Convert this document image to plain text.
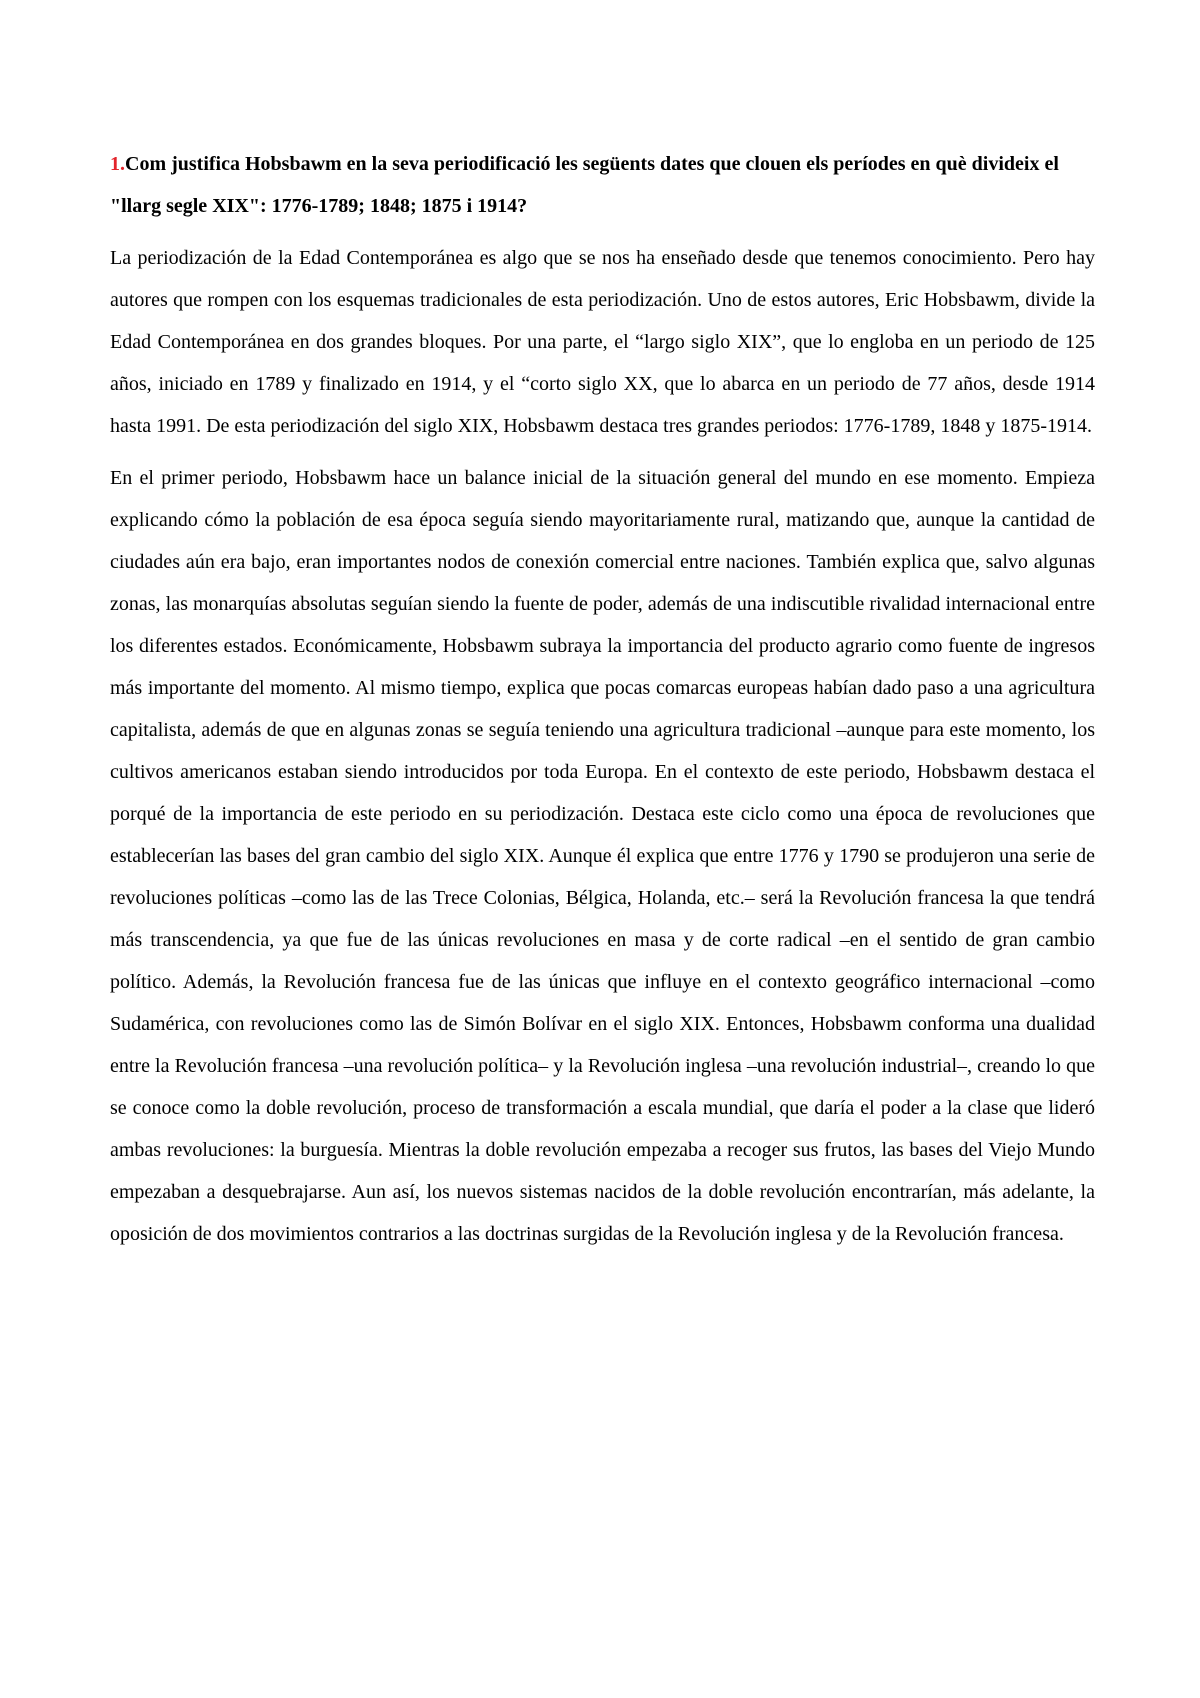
1.Com justifica Hobsbawm en la seva periodificació les següents dates que clouen els períodes en què divideix el "llarg segle XIX": 1776-1789; 1848; 1875 i 1914?

La periodización de la Edad Contemporánea es algo que se nos ha enseñado desde que tenemos conocimiento. Pero hay autores que rompen con los esquemas tradicionales de esta periodización. Uno de estos autores, Eric Hobsbawm, divide la Edad Contemporánea en dos grandes bloques. Por una parte, el “largo siglo XIX”, que lo engloba en un periodo de 125 años, iniciado en 1789 y finalizado en 1914, y el “corto siglo XX, que lo abarca en un periodo de 77 años, desde 1914 hasta 1991. De esta periodización del siglo XIX, Hobsbawm destaca tres grandes periodos: 1776-1789, 1848 y 1875-1914.

En el primer periodo, Hobsbawm hace un balance inicial de la situación general del mundo en ese momento. Empieza explicando cómo la población de esa época seguía siendo mayoritariamente rural, matizando que, aunque la cantidad de ciudades aún era bajo, eran importantes nodos de conexión comercial entre naciones. También explica que, salvo algunas zonas, las monarquías absolutas seguían siendo la fuente de poder, además de una indiscutible rivalidad internacional entre los diferentes estados. Económicamente, Hobsbawm subraya la importancia del producto agrario como fuente de ingresos más importante del momento. Al mismo tiempo, explica que pocas comarcas europeas habían dado paso a una agricultura capitalista, además de que en algunas zonas se seguía teniendo una agricultura tradicional –aunque para este momento, los cultivos americanos estaban siendo introducidos por toda Europa. En el contexto de este periodo, Hobsbawm destaca el porqué de la importancia de este periodo en su periodización. Destaca este ciclo como una época de revoluciones que establecerían las bases del gran cambio del siglo XIX. Aunque él explica que entre 1776 y 1790 se produjeron una serie de revoluciones políticas –como las de las Trece Colonias, Bélgica, Holanda, etc.– será la Revolución francesa la que tendrá más transcendencia, ya que fue de las únicas revoluciones en masa y de corte radical –en el sentido de gran cambio político. Además, la Revolución francesa fue de las únicas que influye en el contexto geográfico internacional –como Sudamérica, con revoluciones como las de Simón Bolívar en el siglo XIX. Entonces, Hobsbawm conforma una dualidad entre la Revolución francesa –una revolución política– y la Revolución inglesa –una revolución industrial–, creando lo que se conoce como la doble revolución, proceso de transformación a escala mundial, que daría el poder a la clase que lideró ambas revoluciones: la burguesía. Mientras la doble revolución empezaba a recoger sus frutos, las bases del Viejo Mundo empezaban a desquebrajarse. Aun así, los nuevos sistemas nacidos de la doble revolución encontrarían, más adelante, la oposición de dos movimientos contrarios a las doctrinas surgidas de la Revolución inglesa y de la Revolución francesa.
